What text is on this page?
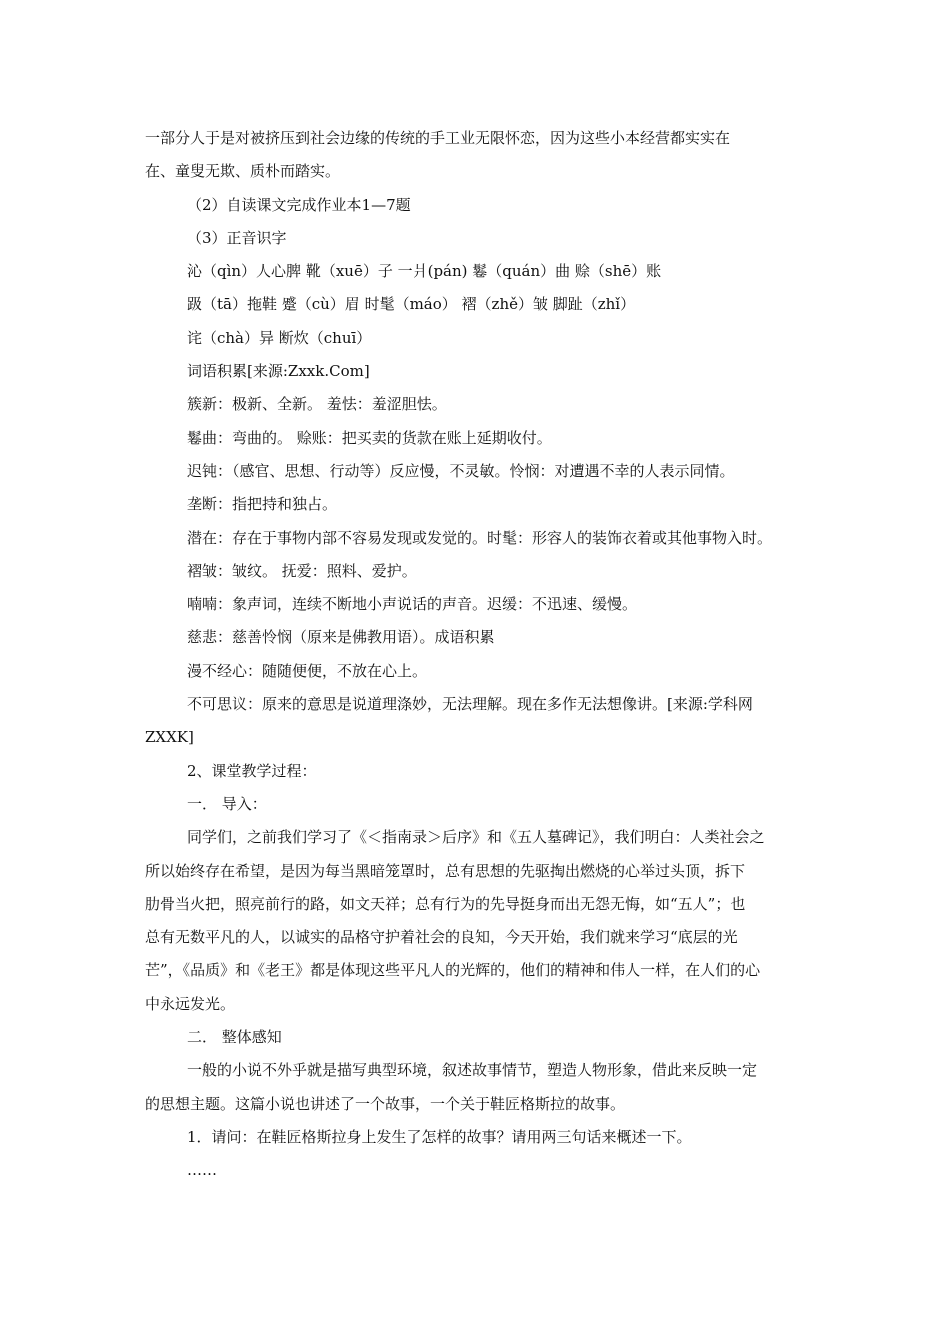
一部分人于是对被挤压到社会边缘的传统的手工业无限怀恋，因为这些小本经营都实实在
在、童叟无欺、质朴而踏实。
（2）自读课文完成作业本1—7题
（3）正音识字
沁（qìn）人心脾 靴（xuē）子 一爿(pán) 鬈（quán）曲 赊（shē）账
趿（tā）拖鞋 蹙（cù）眉 时髦（máo） 褶（zhě）皱 脚趾（zhǐ）
诧（chà）异 断炊（chuī）
词语积累[来源:Zxxk.Com]
簇新：极新、全新。 羞怯：羞涩胆怯。
鬈曲：弯曲的。 赊账：把买卖的货款在账上延期收付。
迟钝：（感官、思想、行动等）反应慢，不灵敏。怜悯：对遭遇不幸的人表示同情。
垄断：指把持和独占。
潜在：存在于事物内部不容易发现或发觉的。时髦：形容人的装饰衣着或其他事物入时。
褶皱：皱纹。 抚爱：照料、爱护。
喃喃：象声词，连续不断地小声说话的声音。迟缓：不迅速、缓慢。
慈悲：慈善怜悯（原来是佛教用语）。成语积累
漫不经心：随随便便，不放在心上。
不可思议：原来的意思是说道理涤妙，无法理解。现在多作无法想像讲。[来源:学科网
ZXXK]
2、课堂教学过程：
一． 导入：
同学们，之前我们学习了《＜指南录＞后序》和《五人墓碑记》，我们明白：人类社会之
所以始终存在希望，是因为每当黑暗笼罩时，总有思想的先驱掏出燃烧的心举过头顶，拆下
肋骨当火把，照亮前行的路，如文天祥；总有行为的先导挺身而出无怨无悔，如“五人”；也
总有无数平凡的人，以诚实的品格守护着社会的良知，今天开始，我们就来学习“底层的光
芒”，《品质》和《老王》都是体现这些平凡人的光辉的，他们的精神和伟人一样，在人们的心
中永远发光。
二． 整体感知
一般的小说不外乎就是描写典型环境，叙述故事情节，塑造人物形象，借此来反映一定
的思想主题。这篇小说也讲述了一个故事，一个关于鞋匠格斯拉的故事。
1．请问：在鞋匠格斯拉身上发生了怎样的故事？请用两三句话来概述一下。
……
